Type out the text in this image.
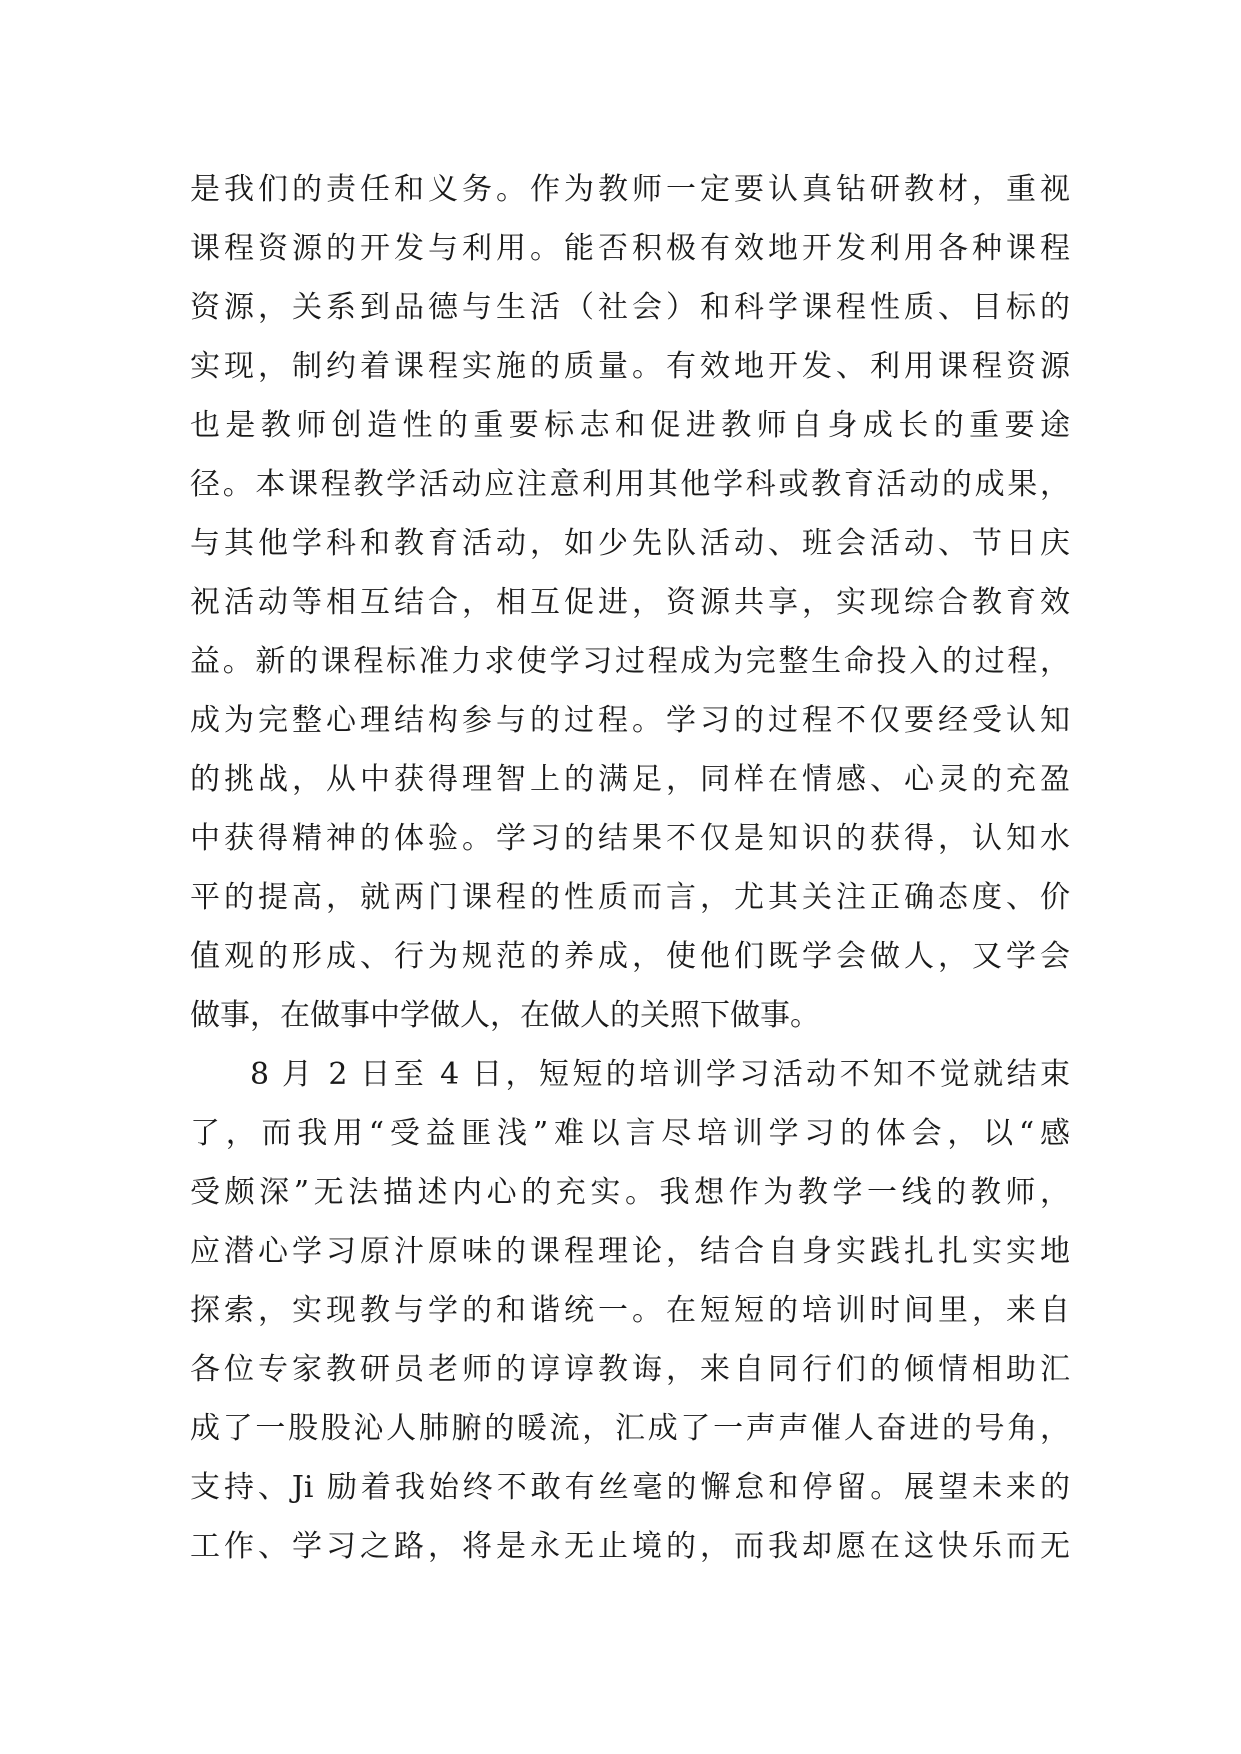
是我们的责任和义务。作为教师一定要认真钻研教材，重视
课程资源的开发与利用。能否积极有效地开发利用各种课程
资源，关系到品德与生活（社会）和科学课程性质、目标的
实现，制约着课程实施的质量。有效地开发、利用课程资源
也是教师创造性的重要标志和促进教师自身成长的重要途
径。本课程教学活动应注意利用其他学科或教育活动的成果，
与其他学科和教育活动，如少先队活动、班会活动、节日庆
祝活动等相互结合，相互促进，资源共享，实现综合教育效
益。新的课程标准力求使学习过程成为完整生命投入的过程，
成为完整心理结构参与的过程。学习的过程不仅要经受认知
的挑战，从中获得理智上的满足，同样在情感、心灵的充盈
中获得精神的体验。学习的结果不仅是知识的获得，认知水
平的提高，就两门课程的性质而言，尤其关注正确态度、价
值观的形成、行为规范的养成，使他们既学会做人，又学会
做事，在做事中学做人，在做人的关照下做事。
8 月 2 日至 4 日，短短的培训学习活动不知不觉就结束
了，而我用“受益匪浅”难以言尽培训学习的体会，以“感
受颇深”无法描述内心的充实。我想作为教学一线的教师，
应潜心学习原汁原味的课程理论，结合自身实践扎扎实实地
探索，实现教与学的和谐统一。在短短的培训时间里，来自
各位专家教研员老师的谆谆教诲，来自同行们的倾情相助汇
成了一股股沁人肺腑的暖流，汇成了一声声催人奋进的号角，
支持、Ji 励着我始终不敢有丝毫的懈怠和停留。展望未来的
工作、学习之路，将是永无止境的，而我却愿在这快乐而无
